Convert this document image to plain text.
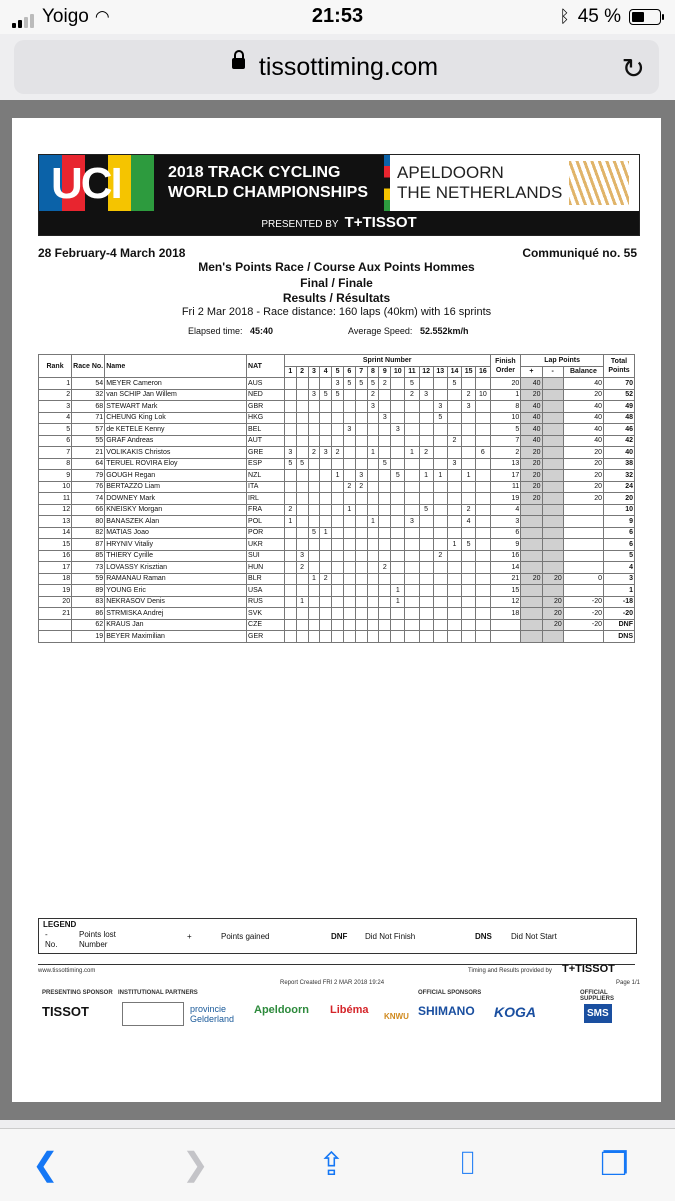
Yoigo ◠	21:53	ᛒ 45 %
tissottiming.com	↻
UCI	2018 TRACK CYCLING WORLD CHAMPIONSHIPS
APELDOORN
THE NETHERLANDS
PRESENTED BY T+TISSOT
28 February-4 March 2018	Communiqué no. 55
Men's Points Race / Course Aux Points Hommes
Final / Finale
Results / Résultats
Fri 2 Mar 2018 - Race distance: 160 laps (40km) with 16 sprints
Elapsed time: 45:40	Average Speed: 52.552km/h
Rank	Race No.	Name	NAT	Sprint Number																Finish Order	Lap Points			Total Points
				1	2	3	4	5	6	7	8	9	10	11	12	13	14	15	16		+	-	Balance	
1	54	MEYER Cameron	AUS					3	5	5	5	2		5			5			20	40		40	70
2	32	van SCHIP Jan Willem	NED			3	5	5			2			2	3			2	10	1	20		20	52
3	68	STEWART Mark	GBR								3					3		3		8	40		40	49
4	71	CHEUNG King Lok	HKG									3				5				10	40		40	48
5	57	de KETELE Kenny	BEL						3				3							5	40		40	46
6	55	GRAF Andreas	AUT														2			7	40		40	42
7	21	VOLIKAKIS Christos	GRE	3		2	3	2			1			1	2				6	2	20		20	40
8	64	TERUEL ROVIRA Eloy	ESP	5	5							5					3			13	20		20	38
9	79	GOUGH Regan	NZL					1		3			5		1	1		1		17	20		20	32
10	76	BERTAZZO Liam	ITA						2	2										11	20		20	24
11	74	DOWNEY Mark	IRL																	19	20		20	20
12	66	KNEISKY Morgan	FRA	2					1						5			2		4				10
13	80	BANASZEK Alan	POL	1							1			3				4		3				9
14	82	MATIAS Joao	POR			5	1													6				6
15	87	HRYNIV Vitaliy	UKR														1	5		9				6
16	85	THIERY Cyrille	SUI		3											2				16				5
17	73	LOVASSY Krisztian	HUN		2							2								14				4
18	59	RAMANAU Raman	BLR			1	2													21	20	20	0	3
19	89	YOUNG Eric	USA										1							15				1
20	83	NEKRASOV Denis	RUS		1								1							12		20	-20	-18
21	86	STRMISKA Andrej	SVK																	18		20	-20	-20
	62	KRAUS Jan	CZE																			20	-20	DNF
	19	BEYER Maximilian	GER																					DNS
LEGEND
-	Points lost
No.	Number
+	Points gained	DNF Did Not Finish	DNS Did Not Start
www.tissottiming.com	Timing and Results provided by T+TISSOT
Report Created FRI 2 MAR 2018 19:24	Page 1/1
PRESENTING SPONSOR INSTITUTIONAL PARTNERS	OFFICIAL SPONSORS	OFFICIAL SUPPLIERS
TISSOT	provincie Gelderland
Apeldoorn Libéma
KNWU SHIMANO KOGA	SMS
❮	❯	⇪	⌷	❐
